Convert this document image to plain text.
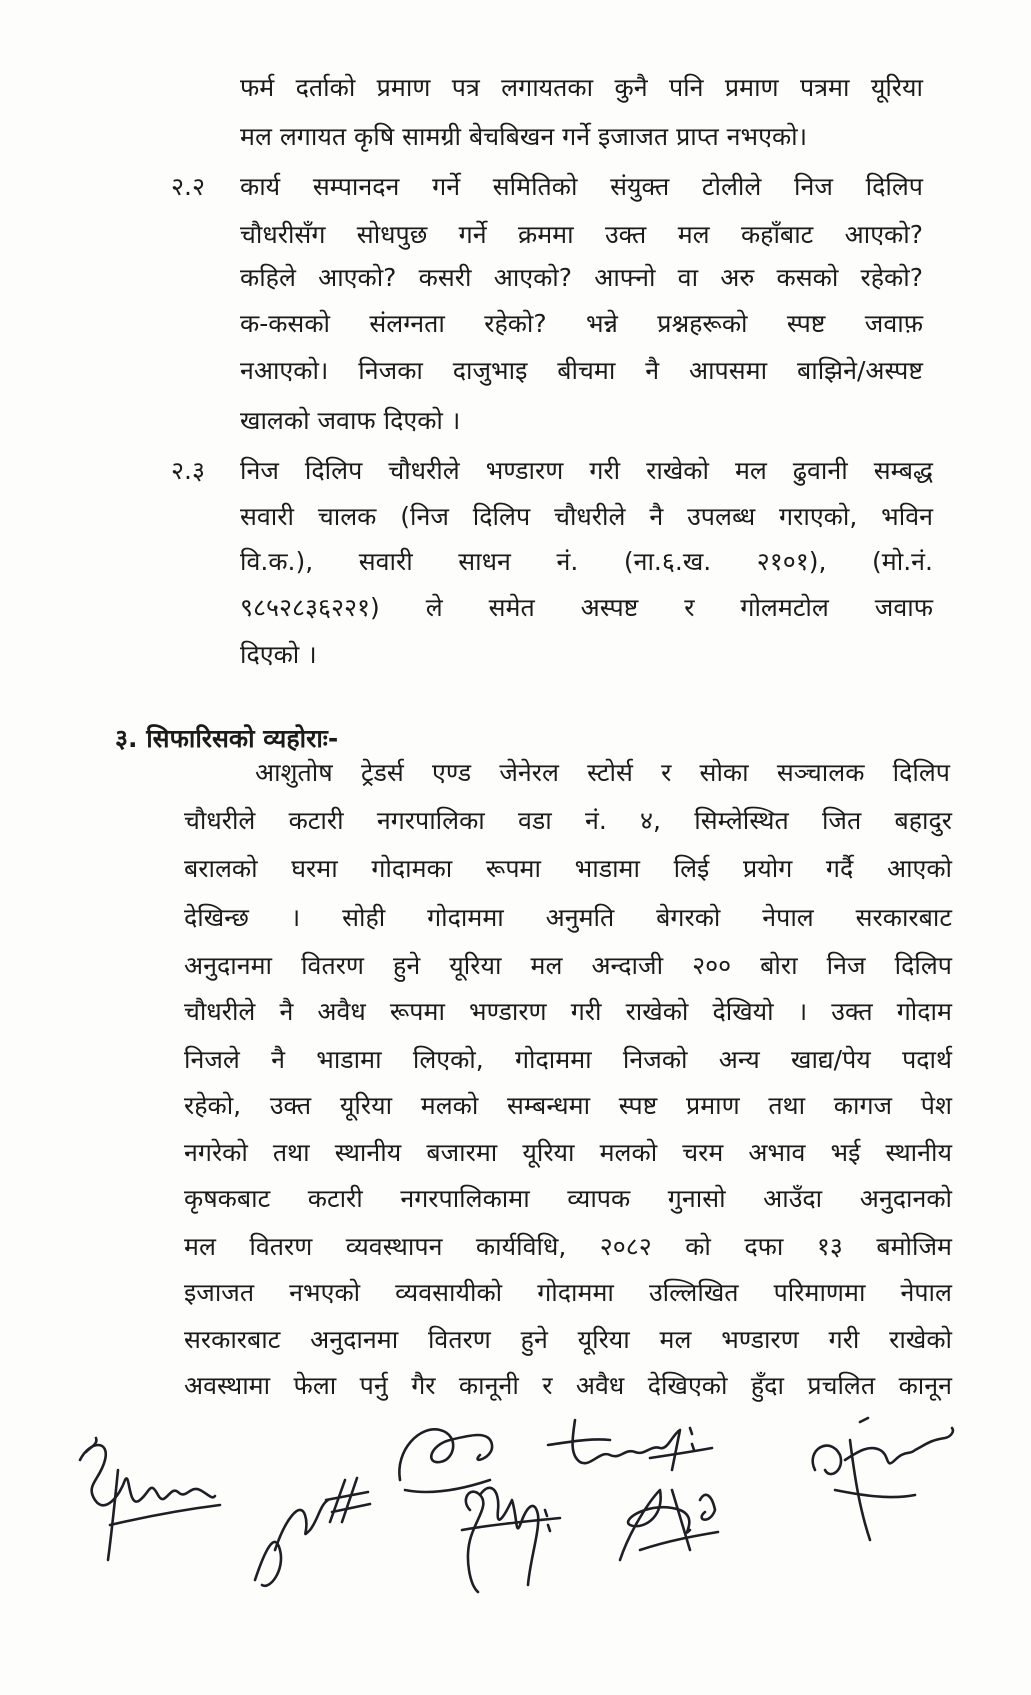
फर्म दर्ताको प्रमाण पत्र लगायतका कुनै पनि प्रमाण पत्रमा यूरिया
मल लगायत कृषि सामग्री बेचबिखन गर्ने इजाजत प्राप्त नभएको।
२.२ कार्य सम्पानदन गर्ने समितिको संयुक्त टोलीले निज दिलिप
चौधरीसँग सोधपुछ गर्ने क्रममा उक्त मल कहाँबाट आएको?
कहिले आएको? कसरी आएको? आफ्नो वा अरु कसको रहेको?
क-कसको संलग्नता रहेको? भन्ने प्रश्नहरूको स्पष्ट जवाफ़
नआएको। निजका दाजुभाइ बीचमा नै आपसमा बाझिने/अस्पष्ट
खालको जवाफ दिएको ।
२.३ निज दिलिप चौधरीले भण्डारण गरी राखेको मल ढुवानी सम्बद्ध
सवारी चालक (निज दिलिप चौधरीले नै उपलब्ध गराएको, भविन
वि.क.), सवारी साधन नं. (ना.६.ख. २१०१), (मो.नं.
९८५२८३६२२१) ले समेत अस्पष्ट र गोलमटोल जवाफ
दिएको ।
३. सिफारिसको व्यहोराः-
आशुतोष ट्रेडर्स एण्ड जेनेरल स्टोर्स र सोका सञ्चालक दिलिप
चौधरीले कटारी नगरपालिका वडा नं. ४, सिम्लेस्थित जित बहादुर
बरालको घरमा गोदामका रूपमा भाडामा लिई प्रयोग गर्दै आएको
देखिन्छ । सोही गोदाममा अनुमति बेगरको नेपाल सरकारबाट
अनुदानमा वितरण हुने यूरिया मल अन्दाजी २०० बोरा निज दिलिप
चौधरीले नै अवैध रूपमा भण्डारण गरी राखेको देखियो । उक्त गोदाम
निजले नै भाडामा लिएको, गोदाममा निजको अन्य खाद्य/पेय पदार्थ
रहेको, उक्त यूरिया मलको सम्बन्धमा स्पष्ट प्रमाण तथा कागज पेश
नगरेको तथा स्थानीय बजारमा यूरिया मलको चरम अभाव भई स्थानीय
कृषकबाट कटारी नगरपालिकामा व्यापक गुनासो आउँदा अनुदानको
मल वितरण व्यवस्थापन कार्यविधि, २०८२ को दफा १३ बमोजिम
इजाजत नभएको व्यवसायीको गोदाममा उल्लिखित परिमाणमा नेपाल
सरकारबाट अनुदानमा वितरण हुने यूरिया मल भण्डारण गरी राखेको
अवस्थामा फेला पर्नु गैर कानूनी र अवैध देखिएको हुँदा प्रचलित कानून
